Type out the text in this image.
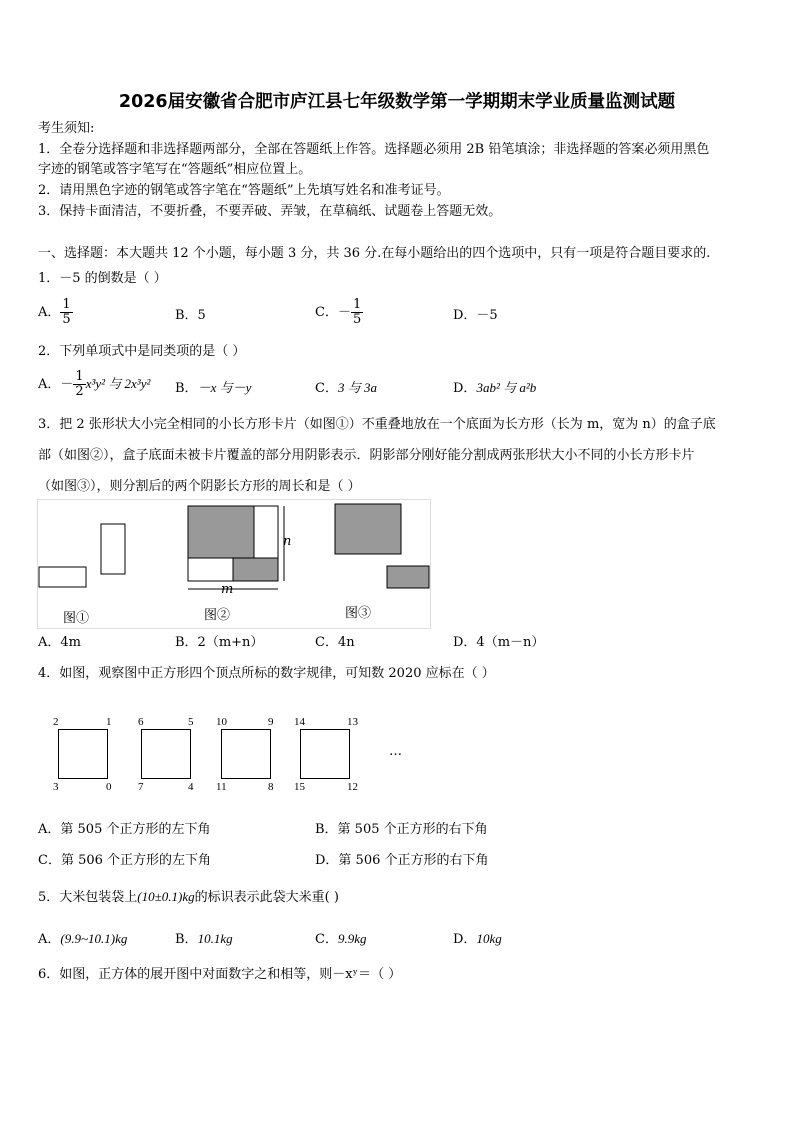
2026届安徽省合肥市庐江县七年级数学第一学期期末学业质量监测试题
考生须知:
1．全卷分选择题和非选择题两部分，全部在答题纸上作答。选择题必须用 2B 铅笔填涂；非选择题的答案必须用黑色
字迹的钢笔或答字笔写在“答题纸”相应位置上。
2．请用黑色字迹的钢笔或答字笔在“答题纸”上先填写姓名和准考证号。
3．保持卡面清洁，不要折叠，不要弄破、弄皱，在草稿纸、试题卷上答题无效。
一、选择题：本大题共 12 个小题，每小题 3 分，共 36 分.在每小题给出的四个选项中，只有一项是符合题目要求的.
1．－5 的倒数是（ ）
A． $\frac{1}{5}$	B．5	C．－ $\frac{1}{5}$	D．－5
2．下列单项式中是同类项的是（ ）
A．－ $\frac{1}{2} x^3y^2$ 与 2x³y² B．－x 与－y	C．3 与 3a	D．3ab² 与 a²b
3．把 2 张形状大小完全相同的小长方形卡片（如图①）不重叠地放在一个底面为长方形（长为 m，宽为 n）的盒子底
部（如图②），盒子底面未被卡片覆盖的部分用阴影表示．阴影部分刚好能分割成两张形状大小不同的小长方形卡片
（如图③），则分割后的两个阴影长方形的周长和是（ ）
n
m
图①	图②	图③
A．4m	B．2（m+n）	C．4n	D．4（m－n）
4．如图，观察图中正方形四个顶点所标的数字规律，可知数 2020 应标在（ ）
2	1
3	0
6	5
7	4
10	9
11	8
14	13
15	12
…
A．第 505 个正方形的左下角	B．第 505 个正方形的右下角
C．第 506 个正方形的左下角	D．第 506 个正方形的右下角
5．大米包装袋上(10±0.1)kg的标识表示此袋大米重( )
A．(9.9~10.1)kg	B．10.1kg	C．9.9kg	D．10kg
6．如图，正方体的展开图中对面数字之和相等，则－xʸ＝（ ）
